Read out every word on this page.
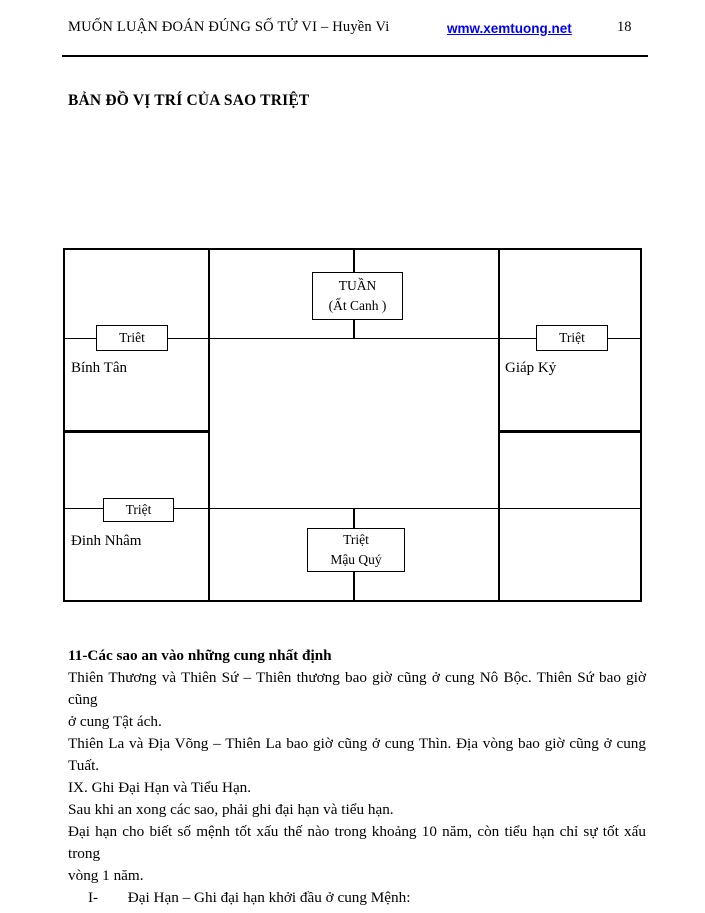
MUỐN LUẬN ĐOÁN ĐÚNG SỐ TỬ VI – Huyền Vi	wmw.xemtuong.net	18
BẢN ĐỒ VỊ TRÍ CỦA SAO TRIỆT
TUẦN
(Ất Canh )
Triêt	Triệt
Triệt
Triệt
Mậu Quý
Bính Tân	Giáp Kỷ
Đinh Nhâm
11-Các sao an vào những cung nhất định
Thiên Thương và Thiên Sứ – Thiên thương bao giờ cũng ở cung Nô Bộc. Thiên Sứ bao giờ cũng
ở cung Tật ách.
Thiên La và Địa Võng – Thiên La bao giờ cũng ở cung Thìn. Địa vòng bao giờ cũng ở cung Tuất.
IX. Ghi Đại Hạn và Tiểu Hạn.
Sau khi an xong các sao, phải ghi đại hạn và tiểu hạn.
Đại hạn cho biết số mệnh tốt xấu thế nào trong khoảng 10 năm, còn tiểu hạn chỉ sự tốt xấu trong
vòng 1 năm.
I- Đại Hạn – Ghi đại hạn khởi đầu ở cung Mệnh:
